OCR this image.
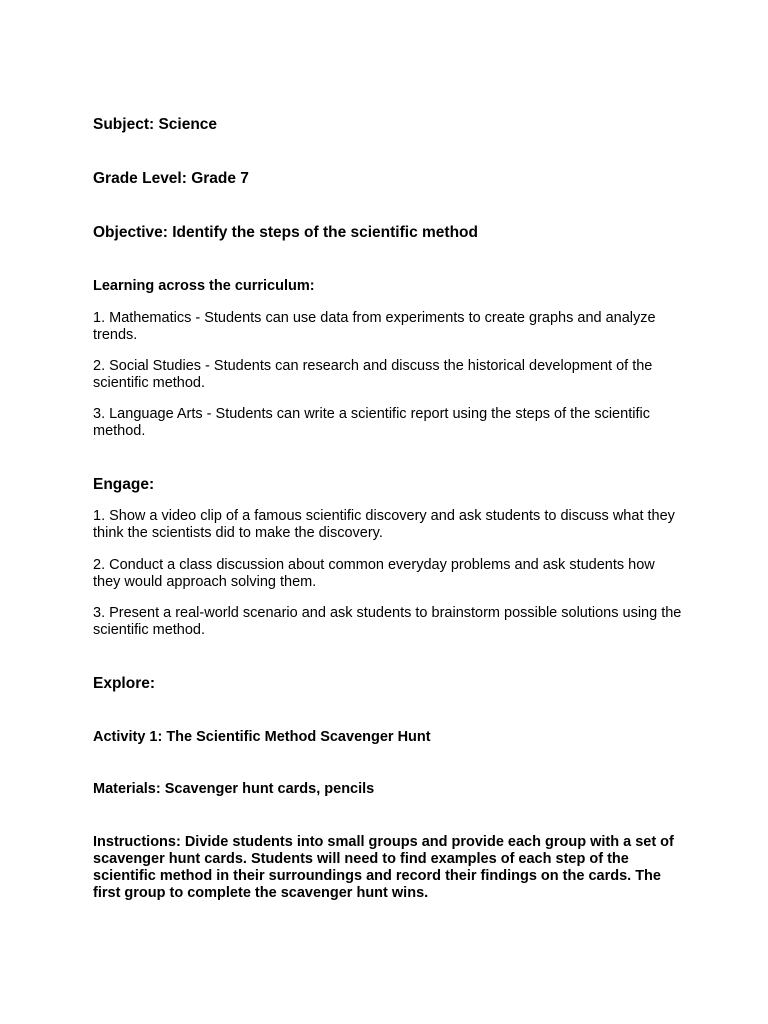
Subject: Science

Grade Level: Grade 7

Objective: Identify the steps of the scientific method

Learning across the curriculum:

1. Mathematics - Students can use data from experiments to create graphs and analyze trends.

2. Social Studies - Students can research and discuss the historical development of the scientific method.

3. Language Arts - Students can write a scientific report using the steps of the scientific method.

Engage:

1. Show a video clip of a famous scientific discovery and ask students to discuss what they think the scientists did to make the discovery.

2. Conduct a class discussion about common everyday problems and ask students how they would approach solving them.

3. Present a real-world scenario and ask students to brainstorm possible solutions using the scientific method.

Explore:

Activity 1: The Scientific Method Scavenger Hunt

Materials: Scavenger hunt cards, pencils

Instructions: Divide students into small groups and provide each group with a set of scavenger hunt cards. Students will need to find examples of each step of the scientific method in their surroundings and record their findings on the cards. The first group to complete the scavenger hunt wins.
